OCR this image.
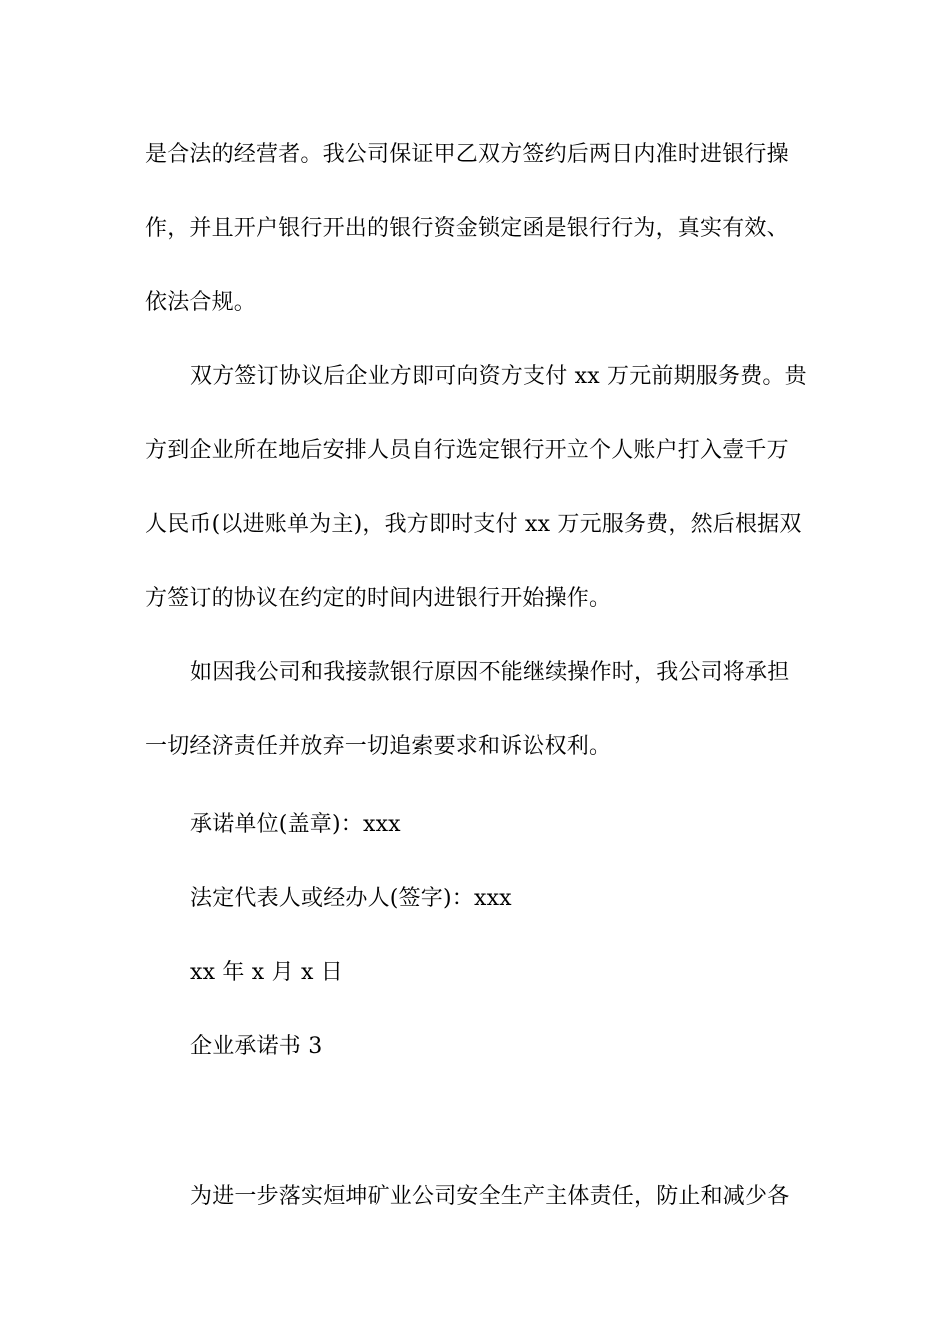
是合法的经营者。我公司保证甲乙双方签约后两日内准时进银行操
作，并且开户银行开出的银行资金锁定函是银行行为，真实有效、
依法合规。
双方签订协议后企业方即可向资方支付 xx 万元前期服务费。贵
方到企业所在地后安排人员自行选定银行开立个人账户打入壹千万
人民币(以进账单为主)，我方即时支付 xx 万元服务费，然后根据双
方签订的协议在约定的时间内进银行开始操作。
如因我公司和我接款银行原因不能继续操作时，我公司将承担
一切经济责任并放弃一切追索要求和诉讼权利。
承诺单位(盖章)：xxx
法定代表人或经办人(签字)：xxx
xx 年 x 月 x 日
企业承诺书 3
为进一步落实烜坤矿业公司安全生产主体责任，防止和减少各
